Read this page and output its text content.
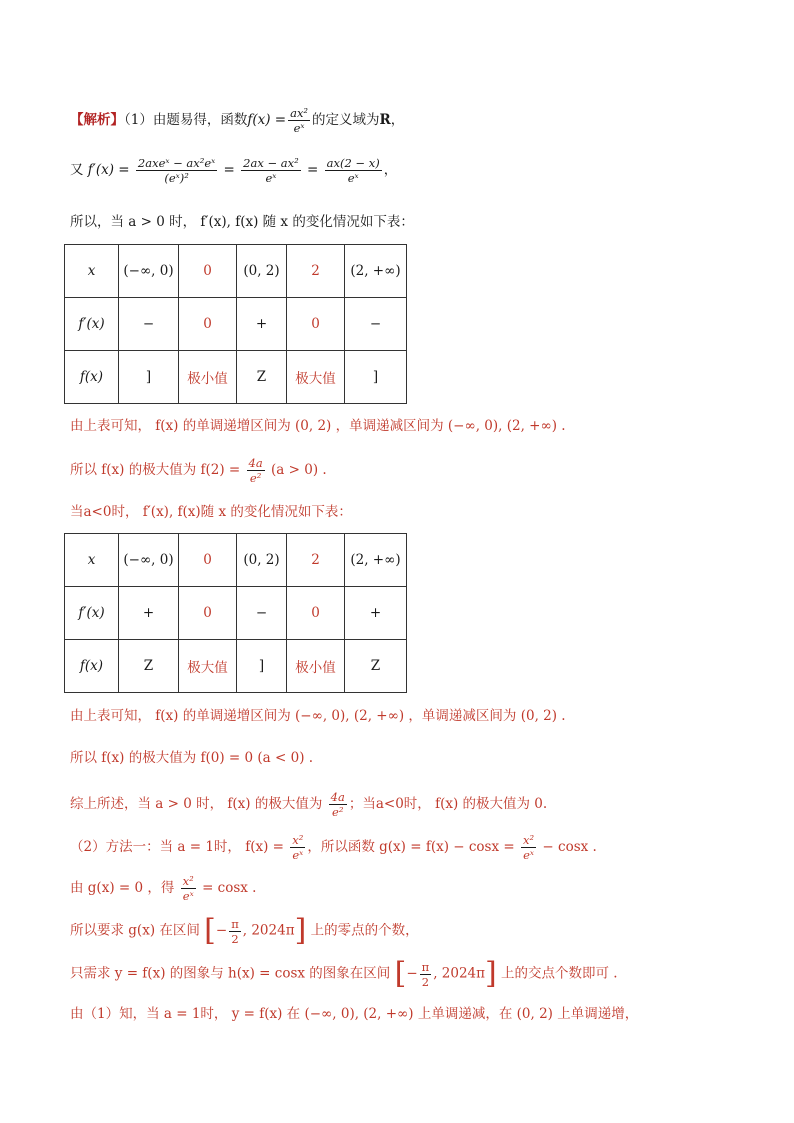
【解析】（1）由题易得，函数$f(x) = \frac{\text{ax²}}{\text{eˣ}}$ 的定义域为R，
又 $f'(x) = \frac{\text{2axeˣ − ax²eˣ}}{\text{(eˣ)²}} = \frac{\text{2ax − ax²}}{\text{eˣ}} = \frac{ax(2 - x)}{\text{eˣ}}$ ，
所以，当 a > 0 时， f′(x), f(x) 随 x 的变化情况如下表：
x	(−∞, 0)	0	(0, 2)	2	(2, +∞)
f′(x)	−	0	+	0	−
f(x)	]	极小值	Z	极大值	]
由上表可知， f(x) 的单调递增区间为 (0, 2) ，单调递减区间为 (−∞, 0), (2, +∞) .
所以 f(x) 的极大值为 $f(2) = \frac{4a}{\text{e²}} (a > 0)$ .
当a<0时， f′(x), f(x)随 x 的变化情况如下表：
x	(−∞, 0)	0	(0, 2)	2	(2, +∞)
f′(x)	+	0	−	0	+
f(x)	Z	极大值	]	极小值	Z
由上表可知， f(x) 的单调递增区间为 (−∞, 0), (2, +∞) ，单调递减区间为 (0, 2) .
所以 f(x) 的极大值为 f(0) = 0 (a < 0) .
综上所述，当 a > 0 时， f(x) 的极大值为 $\frac{4a}{\text{e²}}$ ；当a<0时， f(x) 的极大值为 0.
（2）方法一：当 a = 1时， $f(x) = \frac{\text{x²}}{\text{eˣ}}$ ，所以函数 $g(x) = f(x) - \cos x = \frac{\text{x²}}{\text{eˣ}} - \cos x$ .
由 g(x) = 0 ，得 $\frac{\text{x²}}{\text{eˣ}} = \cos x$ .
所以要求 g(x) 在区间 [− $\frac{\pi}{2}$ , 2024π] 上的零点的个数，
只需求 y = f(x) 的图象与 h(x) = cosx 的图象在区间 [− $\frac{\pi}{2}$ , 2024π] 上的交点个数即可 .
由（1）知，当 a = 1时， y = f(x) 在 (−∞, 0), (2, +∞) 上单调递减，在 (0, 2) 上单调递增，
